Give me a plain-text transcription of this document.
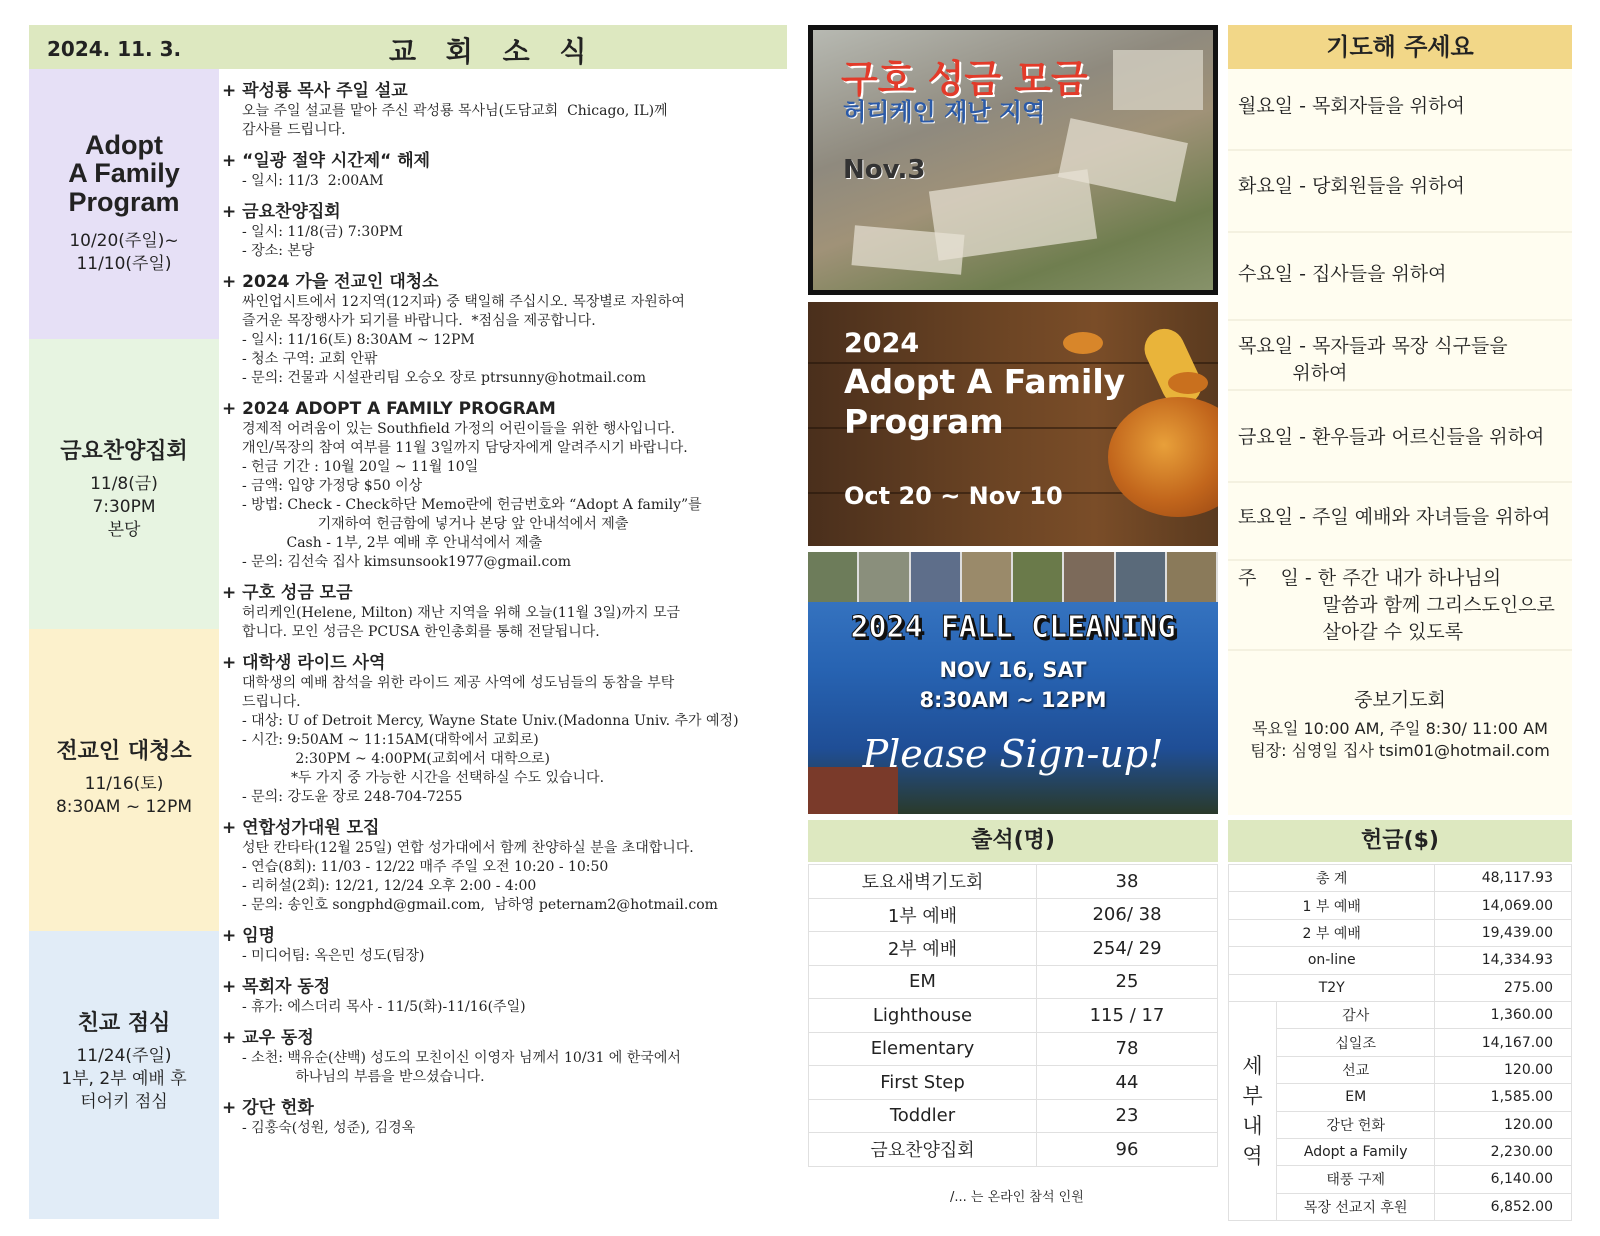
2024. 11. 3.	교 회 소 식
Adopt
A Family
Program
10/20(주일)~
11/10(주일)
금요찬양집회
11/8(금)
7:30PM
본당
전교인 대청소
11/16(토)
8:30AM ~ 12PM
친교 점심
11/24(주일)
1부, 2부 예배 후
터어키 점심
+ 곽성룡 목사 주일 설교
오늘 주일 설교를 맡아 주신 곽성룡 목사님(도담교회  Chicago, IL)께
감사를 드립니다.
+ “일광 절약 시간제“ 해제
- 일시: 11/3  2:00AM
+ 금요찬양집회
- 일시: 11/8(금) 7:30PM
- 장소: 본당
+ 2024 가을 전교인 대청소
싸인업시트에서 12지역(12지파) 중 택일해 주십시오. 목장별로 자원하여
즐거운 목장행사가 되기를 바랍니다.  *점심을 제공합니다.
- 일시: 11/16(토) 8:30AM ~ 12PM
- 청소 구역: 교회 안팎
- 문의: 건물과 시설관리팀 오승오 장로 ptrsunny@hotmail.com
+ 2024 ADOPT A FAMILY PROGRAM
경제적 어려움이 있는 Southfield 가정의 어린이들을 위한 행사입니다.
개인/목장의 참여 여부를 11월 3일까지 담당자에게 알려주시기 바랍니다.
- 헌금 기간 : 10월 20일 ~ 11월 10일
- 금액: 입양 가정당 $50 이상
- 방법: Check - Check하단 Memo란에 헌금번호와 “Adopt A family”를
기재하여 헌금함에 넣거나 본당 앞 안내석에서 제출
Cash - 1부, 2부 예배 후 안내석에서 제출
- 문의: 김선숙 집사 kimsunsook1977@gmail.com
+ 구호 성금 모금
허리케인(Helene, Milton) 재난 지역을 위해 오늘(11월 3일)까지 모금
합니다. 모인 성금은 PCUSA 한인총회를 통해 전달됩니다.
+ 대학생 라이드 사역
대학생의 예배 참석을 위한 라이드 제공 사역에 성도님들의 동참을 부탁
드립니다.
- 대상: U of Detroit Mercy, Wayne State Univ.(Madonna Univ. 추가 예정)
- 시간: 9:50AM ~ 11:15AM(대학에서 교회로)
2:30PM ~ 4:00PM(교회에서 대학으로)
*두 가지 중 가능한 시간을 선택하실 수도 있습니다.
- 문의: 강도윤 장로 248-704-7255
+ 연합성가대원 모집
성탄 칸타타(12월 25일) 연합 성가대에서 함께 찬양하실 분을 초대합니다.
- 연습(8회): 11/03 - 12/22 매주 주일 오전 10:20 - 10:50
- 리허설(2회): 12/21, 12/24 오후 2:00 - 4:00
- 문의: 송인호 songphd@gmail.com,  남하영 peternam2@hotmail.com
+ 임명
- 미디어팀: 옥은민 성도(팀장)
+ 목회자 동정
- 휴가: 에스더리 목사 - 11/5(화)-11/16(주일)
+ 교우 동정
- 소천: 백유순(샨백) 성도의 모친이신 이영자 님께서 10/31 에 한국에서
하나님의 부름을 받으셨습니다.
+ 강단 헌화
- 김홍숙(성원, 성준), 김경옥
구호 성금 모금
허리케인 재난 지역
Nov.3
2024
Adopt A Family
Program
Oct 20 ~ Nov 10
2024 FALL CLEANING
NOV 16, SAT
8:30AM ~ 12PM
Please Sign-up!
출석(명)
토요새벽기도회	38
1부 예배	206/ 38
2부 예배	254/ 29
EM	25
Lighthouse	115 / 17
Elementary	78
First Step	44
Toddler	23
금요찬양집회	96
/... 는 온라인 참석 인원
기도해 주세요
중보기도회
목요일 10:00 AM, 주일 8:30/ 11:00 AM
팀장: 심영일 집사 tsim01@hotmail.com
월요일 - 목회자들을 위하여
화요일 - 당회원들을 위하여
수요일 - 집사들을 위하여
목요일 - 목자들과 목장 식구들을
위하여
금요일 - 환우들과 어르신들을 위하여
토요일 - 주일 예배와 자녀들을 위하여
주    일 - 한 주간 내가 하나님의
말씀과 함께 그리스도인으로
살아갈 수 있도록
헌금($)
총 계		48,117.93
1 부 예배		14,069.00
2 부 예배		19,439.00
on-line		14,334.93
T2Y		275.00
세
부
내
역	감사	1,360.00
	십일조	14,167.00
	선교	120.00
	EM	1,585.00
	강단 헌화	120.00
	Adopt a Family	2,230.00
	태풍 구제	6,140.00
	목장 선교지 후원	6,852.00
